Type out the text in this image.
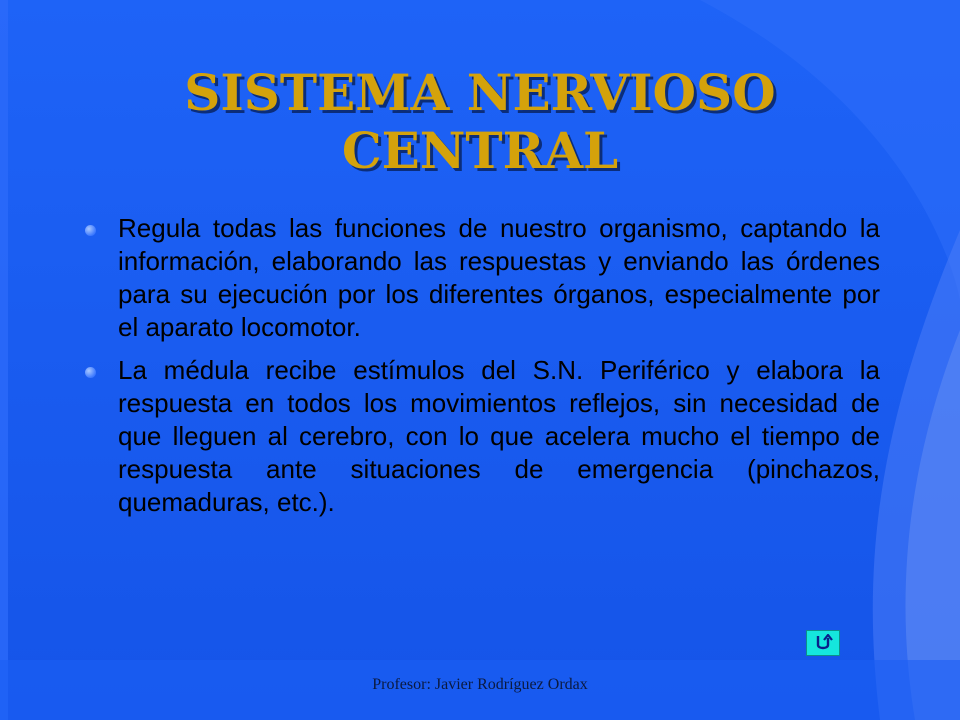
SISTEMA NERVIOSO CENTRAL
Regula todas las funciones de nuestro organismo, captando la información, elaborando las respuestas y enviando las órdenes para su ejecución por los diferentes órganos, especialmente por el aparato locomotor.
La médula recibe estímulos del S.N. Periférico y elabora la respuesta en todos los movimientos reflejos, sin necesidad de que lleguen al cerebro, con lo que acelera mucho el tiempo de respuesta ante situaciones de emergencia (pinchazos, quemaduras, etc.).
Profesor: Javier Rodríguez Ordax
